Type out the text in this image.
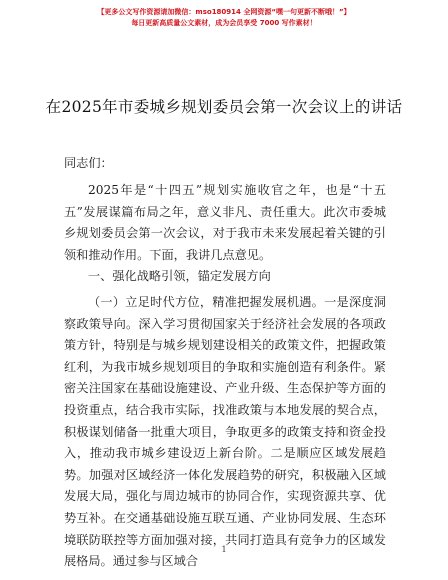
【更多公文写作资源请加微信：mso180914 全网资源“嘿一句更新不断哦！”】
每日更新高质量公文素材，成为会员享受 7000 写作素材！
在2025年市委城乡规划委员会第一次会议上的讲话

同志们：

2025年是“十四五”规划实施收官之年，也是“十五五”发展谋篇布局之年，意义非凡、责任重大。此次市委城乡规划委员会第一次会议，对于我市未来发展起着关键的引领和推动作用。下面，我讲几点意见。

一、强化战略引领，锚定发展方向

（一）立足时代方位，精准把握发展机遇。一是深度洞察政策导向。深入学习贯彻国家关于经济社会发展的各项政策方针，特别是与城乡规划建设相关的政策文件，把握政策红利，为我市城乡规划项目的争取和实施创造有利条件。紧密关注国家在基础设施建设、产业升级、生态保护等方面的投资重点，结合我市实际，找准政策与本地发展的契合点，积极谋划储备一批重大项目，争取更多的政策支持和资金投入，推动我市城乡建设迈上新台阶。二是顺应区域发展趋势。加强对区域经济一体化发展趋势的研究，积极融入区域发展大局，强化与周边城市的协同合作，实现资源共享、优势互补。在交通基础设施互联互通、产业协同发展、生态环境联防联控等方面加强对接，共同打造具有竞争力的区域发展格局。通过参与区域合

1
